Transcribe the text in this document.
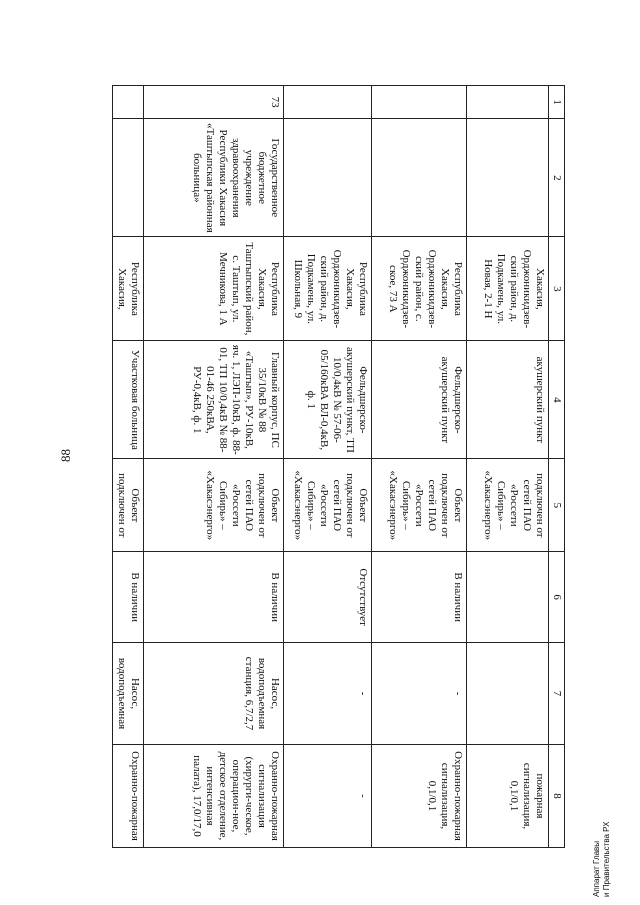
88
Аппарат Главы и Правительства РХ
1	2	3	4	5	6	7	8
		Хакасия, Орджоникидзев-ский район, д. Подкамень, ул. Новая, 2-1 Н	акушерский пункт	подключен от сетей ПАО «Россети Сибирь» – «Хакасэнерго»			пожарная сигнализация, 0,1/0,1
		Республика Хакасия, Орджоникидзев-ский район, с. Орджоникидзев-ское, 73 А	Фельдшерско-акушерский пункт	Объект подключен от сетей ПАО «Россети Сибирь» – «Хакасэнерго»	В наличии	-	Охранно-пожарная сигнализация, 0,1/0,1
		Республика Хакасия, Орджоникидзев-ский район, д. Подкамень, ул. Школьная, 9	Фельдшерско-акушерский пункт, ТП 10/0,4кВ № 57-06-05/160кВА ВЛ-0,4кВ, ф. 1	Объект подключен от сетей ПАО «Россети Сибирь» – «Хакасэнерго»	Отсутствует	-	-
73	Государственное бюджетное учреждение здравоохранения Республики Хакасия «Таштыпская районная больница»	Республика Хакасия, Таштыпский район, с. Таштып, ул. Мечникова, 1 А	Главный корпус, ПС 35/10кВ № 88 «Таштып», РУ-10кВ, яч. 1, ЛЭП-10кВ, ф. 88-01, ТП 10/0,4кВ № 88-01-46 250кВА, РУ-0,4кВ, ф. 1	Объект подключен от сетей ПАО «Россети Сибирь» – «Хакасэнерго»	В наличии	Насос, водоподъемная станция, 6,7/2,7	Охранно-пожарная сигнализация (хирурги-ческое, операцион-ное, детское отделение, интенсивная палата), 17,0/17,0
		Республика Хакасия,	Участковая больница	Объект подключен от	В наличии	Насос, водоподъемная	Охранно-пожарная
